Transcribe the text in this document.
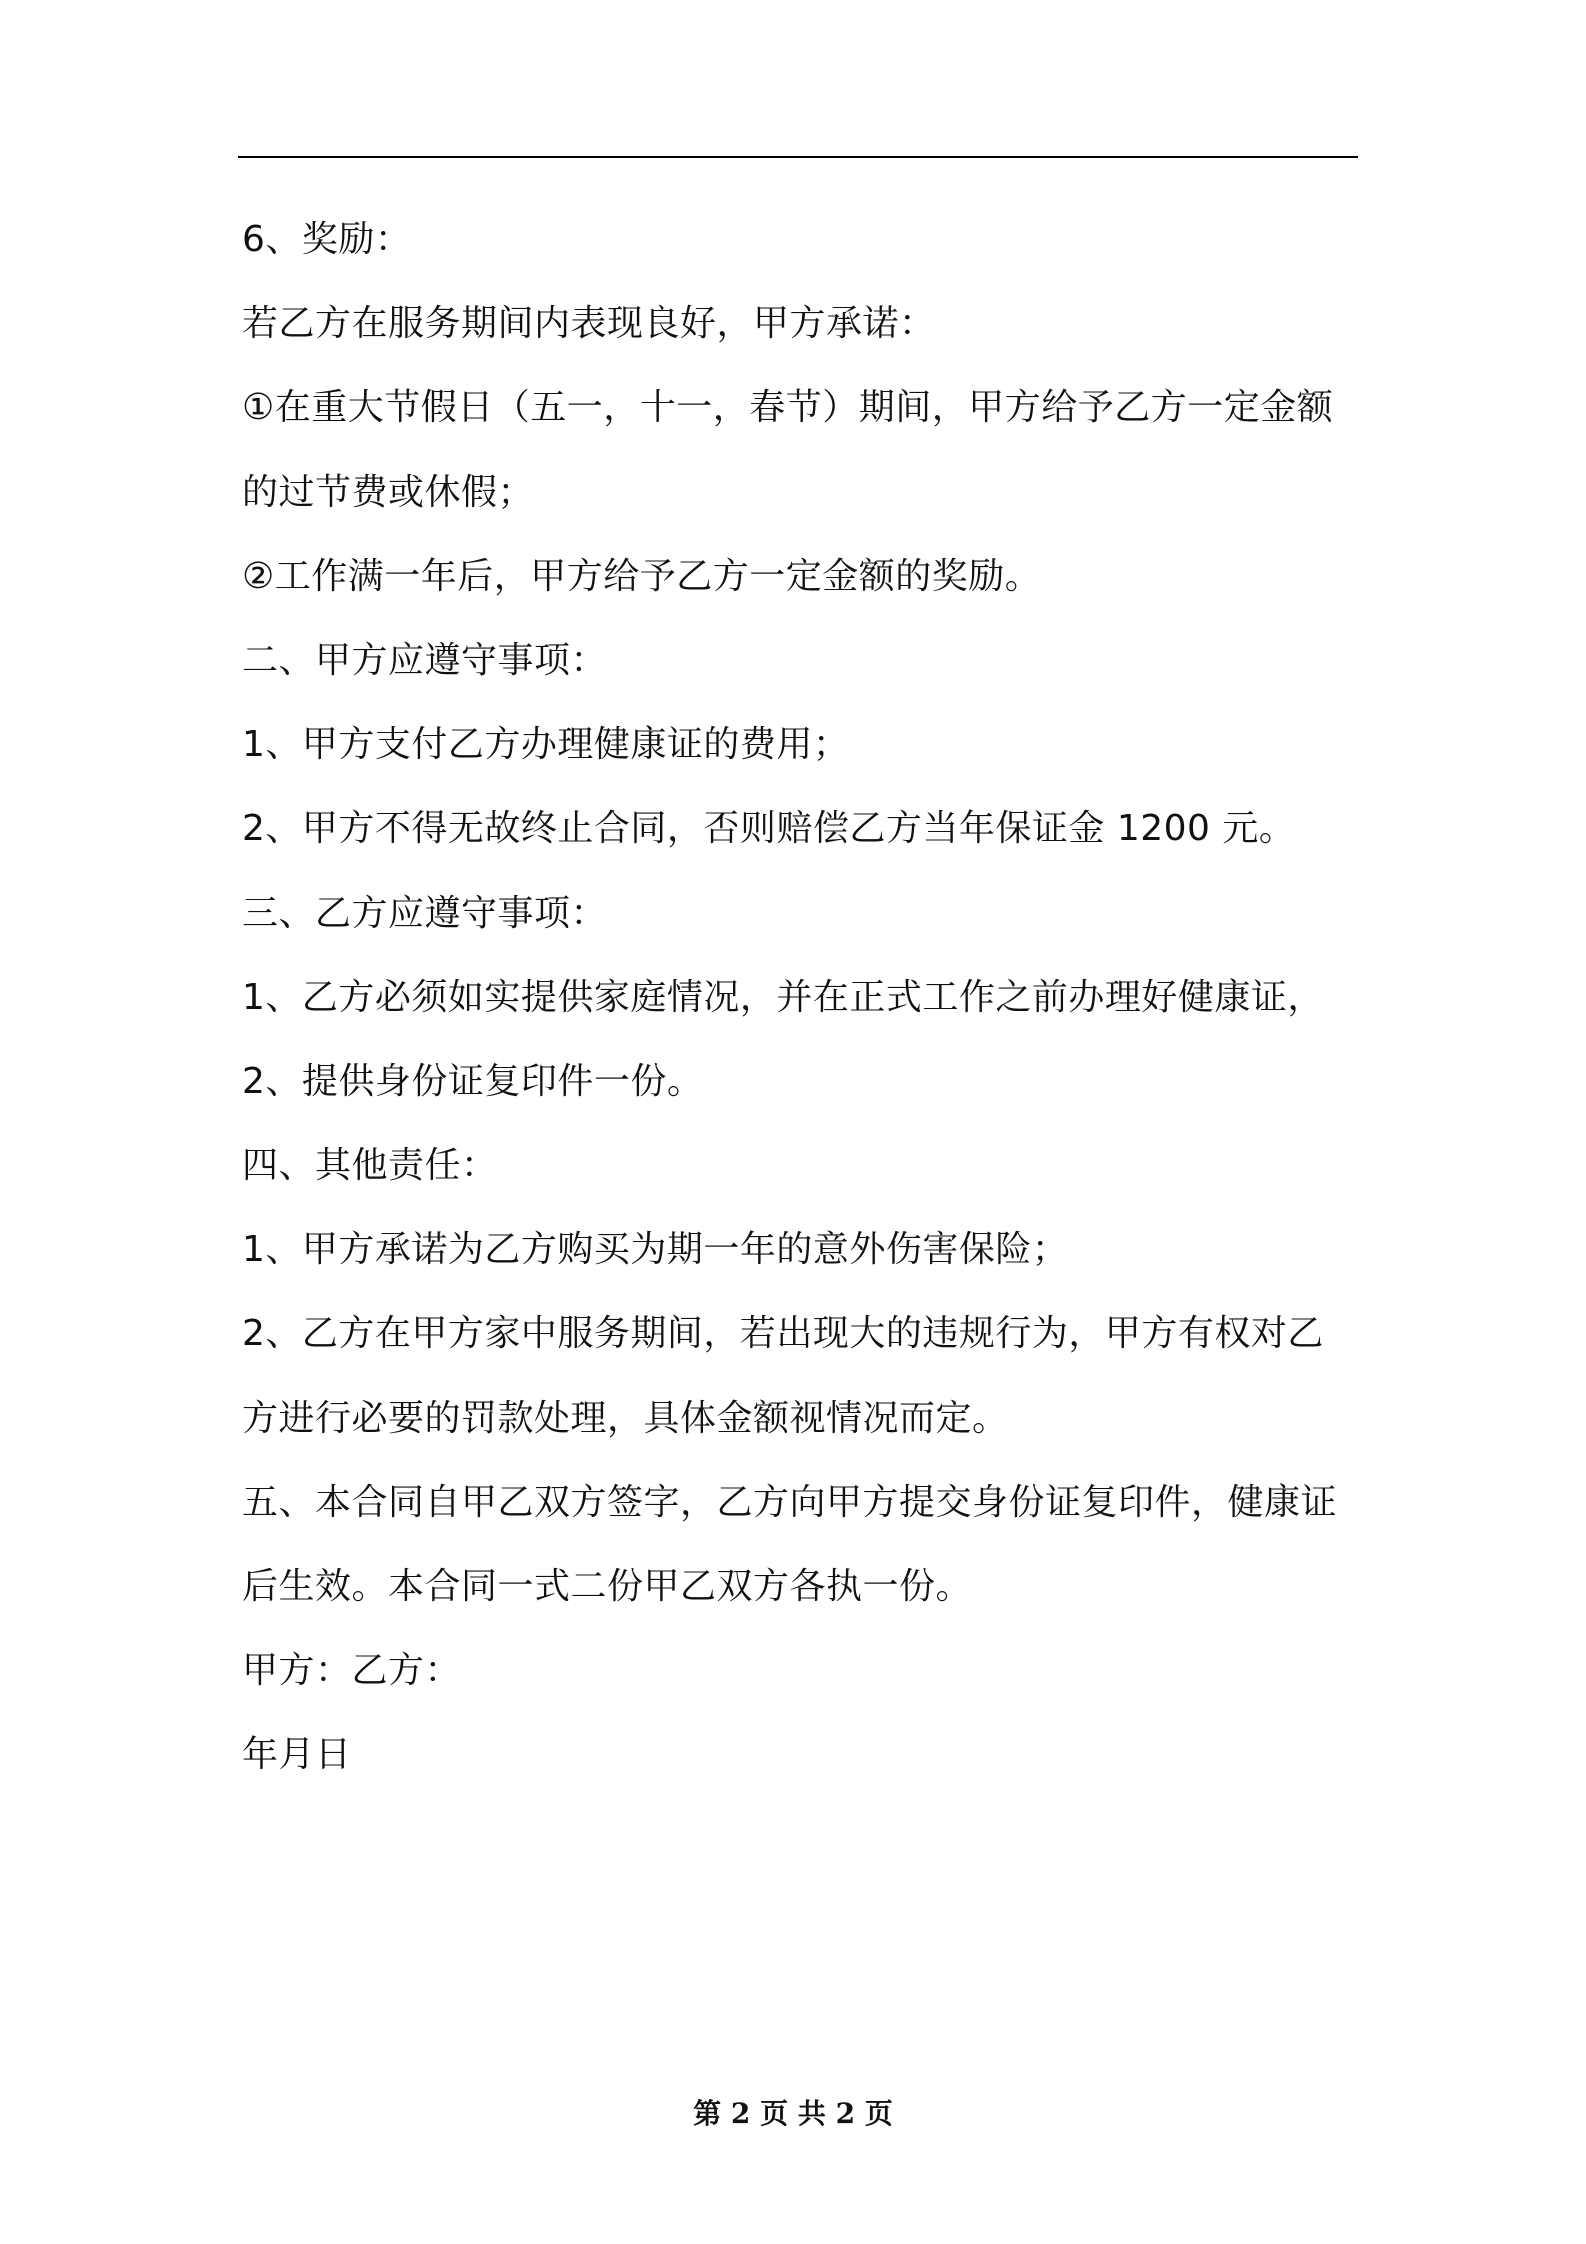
6、奖励：
若乙方在服务期间内表现良好，甲方承诺：
①在重大节假日（五一，十一，春节）期间，甲方给予乙方一定金额
的过节费或休假；
②工作满一年后，甲方给予乙方一定金额的奖励。
二、甲方应遵守事项：
1、甲方支付乙方办理健康证的费用；
2、甲方不得无故终止合同，否则赔偿乙方当年保证金 1200 元。
三、乙方应遵守事项：
1、乙方必须如实提供家庭情况，并在正式工作之前办理好健康证，
2、提供身份证复印件一份。
四、其他责任：
1、甲方承诺为乙方购买为期一年的意外伤害保险；
2、乙方在甲方家中服务期间，若出现大的违规行为，甲方有权对乙
方进行必要的罚款处理，具体金额视情况而定。
五、本合同自甲乙双方签字，乙方向甲方提交身份证复印件，健康证
后生效。本合同一式二份甲乙双方各执一份。
甲方：乙方：
年月日
第 2 页 共 2 页
